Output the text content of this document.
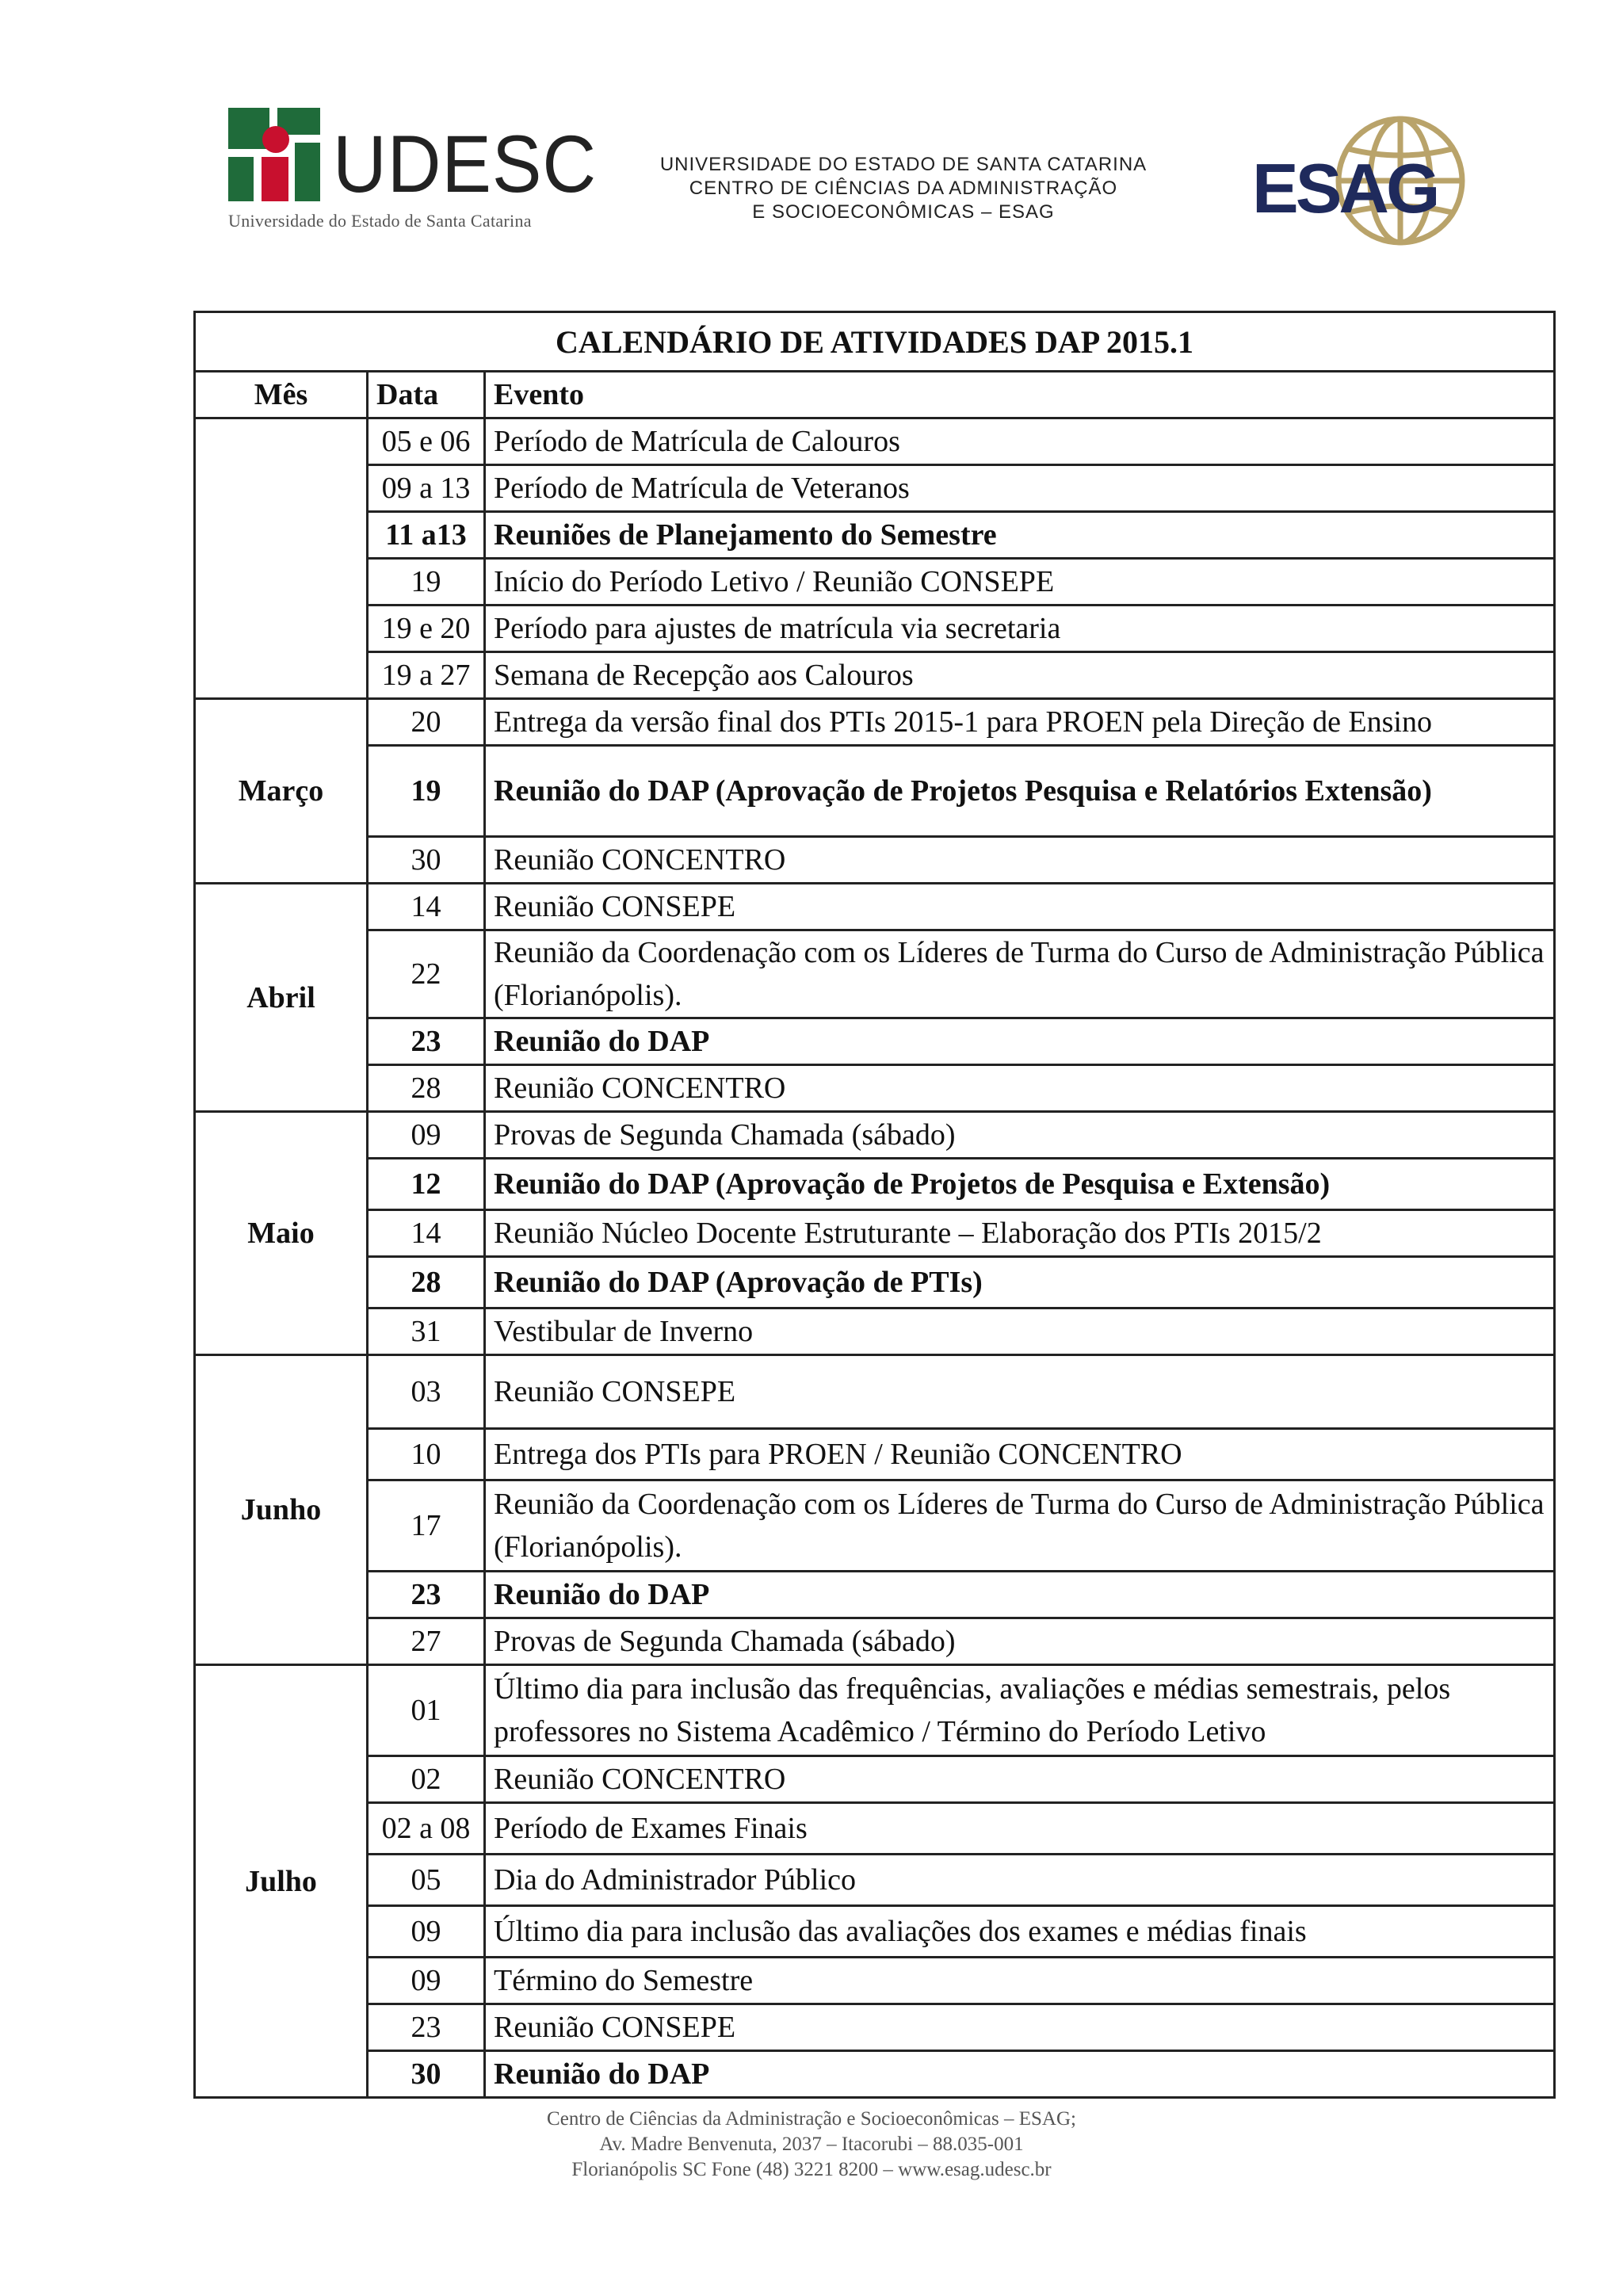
UDESC
Universidade do Estado de Santa Catarina
UNIVERSIDADE DO ESTADO DE SANTA CATARINA
CENTRO DE CIÊNCIAS DA ADMINISTRAÇÃO
E SOCIOECONÔMICAS – ESAG	ESAG
CALENDÁRIO DE ATIVIDADES DAP 2015.1		
Mês	Data	Evento
	05 e 06	Período de Matrícula de Calouros
	09 a 13	Período de Matrícula de Veteranos
	11 a13	Reuniões de Planejamento do Semestre
	19	Início do Período Letivo / Reunião CONSEPE
	19 e 20	Período para ajustes de matrícula via secretaria
	19 a 27	Semana de Recepção aos Calouros
Março	20	Entrega da versão final dos PTIs 2015-1 para PROEN pela Direção de Ensino
	19	Reunião do DAP (Aprovação de Projetos Pesquisa e Relatórios Extensão)
	30	Reunião CONCENTRO
Abril	14	Reunião CONSEPE
	22	Reunião da Coordenação com os Líderes de Turma do Curso de Administração Pública (Florianópolis).
	23	Reunião do DAP
	28	Reunião CONCENTRO
Maio	09	Provas de Segunda Chamada (sábado)
	12	Reunião do DAP (Aprovação de Projetos de Pesquisa e Extensão)
	14	Reunião Núcleo Docente Estruturante – Elaboração dos PTIs 2015/2
	28	Reunião do DAP (Aprovação de PTIs)
	31	Vestibular de Inverno
Junho	03	Reunião CONSEPE
	10	Entrega dos PTIs para PROEN / Reunião CONCENTRO
	17	Reunião da Coordenação com os Líderes de Turma do Curso de Administração Pública (Florianópolis).
	23	Reunião do DAP
	27	Provas de Segunda Chamada (sábado)
Julho	01	Último dia para inclusão das frequências, avaliações e médias semestrais, pelos professores no Sistema Acadêmico / Término do Período Letivo
	02	Reunião CONCENTRO
	02 a 08	Período de Exames Finais
	05	Dia do Administrador Público
	09	Último dia para inclusão das avaliações dos exames e médias finais
	09	Término do Semestre
	23	Reunião CONSEPE
	30	Reunião do DAP
Centro de Ciências da Administração e Socioeconômicas – ESAG;
Av. Madre Benvenuta, 2037 – Itacorubi – 88.035-001
Florianópolis SC Fone (48) 3221 8200 – www.esag.udesc.br
